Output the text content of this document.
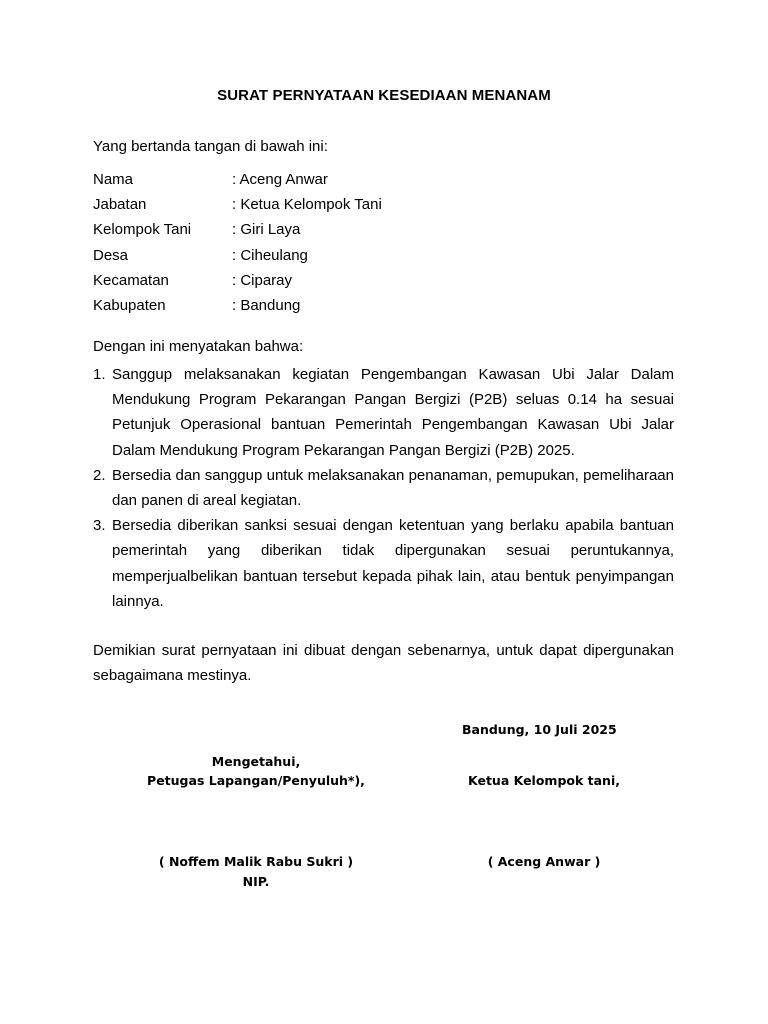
SURAT PERNYATAAN KESEDIAAN MENANAM
Yang bertanda tangan di bawah ini:
Nama	: Aceng Anwar
Jabatan	: Ketua Kelompok Tani
Kelompok Tani	: Giri Laya
Desa	: Ciheulang
Kecamatan	: Ciparay
Kabupaten	: Bandung
Dengan ini menyatakan bahwa:
1. Sanggup melaksanakan kegiatan Pengembangan Kawasan Ubi Jalar Dalam Mendukung Program Pekarangan Pangan Bergizi (P2B) seluas 0.14 ha sesuai Petunjuk Operasional bantuan Pemerintah Pengembangan Kawasan Ubi Jalar Dalam Mendukung Program Pekarangan Pangan Bergizi (P2B) 2025.
2. Bersedia dan sanggup untuk melaksanakan penanaman, pemupukan, pemeliharaan dan panen di areal kegiatan.
3. Bersedia diberikan sanksi sesuai dengan ketentuan yang berlaku apabila bantuan pemerintah yang diberikan tidak dipergunakan sesuai peruntukannya, memperjualbelikan bantuan tersebut kepada pihak lain, atau bentuk penyimpangan lainnya.
Demikian surat pernyataan ini dibuat dengan sebenarnya, untuk dapat dipergunakan sebagaimana mestinya.
Bandung, 10 Juli 2025
Mengetahui,
Petugas Lapangan/Penyuluh*),	Ketua Kelompok tani,
( Noffem Malik Rabu Sukri )
NIP.
( Aceng Anwar )
